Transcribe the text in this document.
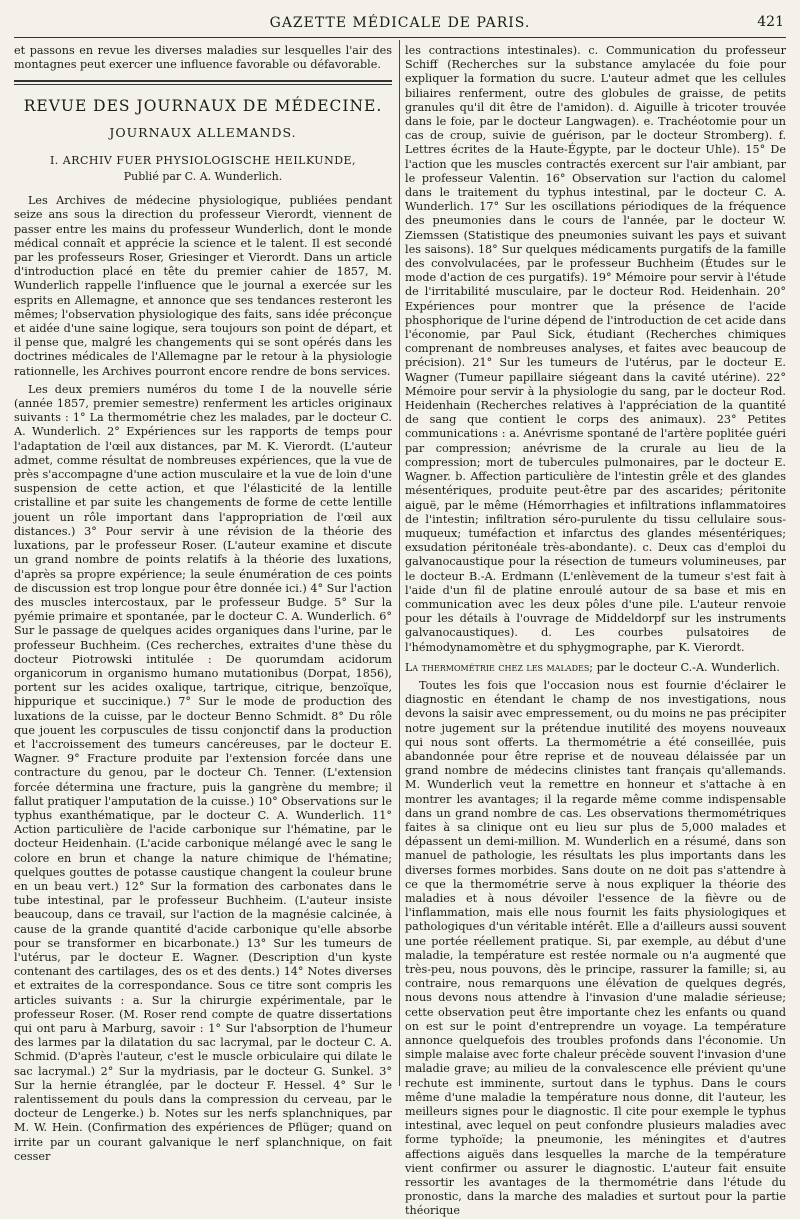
GAZETTE MÉDICALE DE PARIS.	421

et passons en revue les diverses maladies sur lesquelles l'air des montagnes peut exercer une influence favorable ou défavorable.

REVUE DES JOURNAUX DE MÉDECINE.
JOURNAUX ALLEMANDS.
I. ARCHIV FUER PHYSIOLOGISCHE HEILKUNDE,
Publié par C. A. Wunderlich.

Les Archives de médecine physiologique, publiées pendant seize ans sous la direction du professeur Vierordt, viennent de passer entre les mains du professeur Wunderlich, dont le monde médical connaît et apprécie la science et le talent. Il est secondé par les professeurs Roser, Griesinger et Vierordt. Dans un article d'introduction placé en tête du premier cahier de 1857, M. Wunderlich rappelle l'influence que le journal a exercée sur les esprits en Allemagne, et annonce que ses tendances resteront les mêmes; l'observation physiologique des faits, sans idée préconçue et aidée d'une saine logique, sera toujours son point de départ, et il pense que, malgré les changements qui se sont opérés dans les doctrines médicales de l'Allemagne par le retour à la physiologie rationnelle, les Archives pourront encore rendre de bons services.

Les deux premiers numéros du tome I de la nouvelle série (année 1857, premier semestre) renferment les articles originaux suivants : 1° La thermométrie chez les malades, par le docteur C. A. Wunderlich. 2° Expériences sur les rapports de temps pour l'adaptation de l'œil aux distances, par M. K. Vierordt. (L'auteur admet, comme résultat de nombreuses expériences, que la vue de près s'accompagne d'une action musculaire et la vue de loin d'une suspension de cette action, et que l'élasticité de la lentille cristalline et par suite les changements de forme de cette lentille jouent un rôle important dans l'appropriation de l'œil aux distances.) 3° Pour servir à une révision de la théorie des luxations, par le professeur Roser. (L'auteur examine et discute un grand nombre de points relatifs à la théorie des luxations, d'après sa propre expérience; la seule énumération de ces points de discussion est trop longue pour être donnée ici.) 4° Sur l'action des muscles intercostaux, par le professeur Budge. 5° Sur la pyémie primaire et spontanée, par le docteur C. A. Wunderlich. 6° Sur le passage de quelques acides organiques dans l'urine, par le professeur Buchheim. (Ces recherches, extraites d'une thèse du docteur Piotrowski intitulée : De quorumdam acidorum organicorum in organismo humano mutationibus (Dorpat, 1856), portent sur les acides oxalique, tartrique, citrique, benzoïque, hippurique et succinique.) 7° Sur le mode de production des luxations de la cuisse, par le docteur Benno Schmidt. 8° Du rôle que jouent les corpuscules de tissu conjonctif dans la production et l'accroissement des tumeurs cancéreuses, par le docteur E. Wagner. 9° Fracture produite par l'extension forcée dans une contracture du genou, par le docteur Ch. Tenner. (L'extension forcée détermina une fracture, puis la gangrène du membre; il fallut pratiquer l'amputation de la cuisse.) 10° Observations sur le typhus exanthématique, par le docteur C. A. Wunderlich. 11° Action particulière de l'acide carbonique sur l'hématine, par le docteur Heidenhain. (L'acide carbonique mélangé avec le sang le colore en brun et change la nature chimique de l'hématine; quelques gouttes de potasse caustique changent la couleur brune en un beau vert.) 12° Sur la formation des carbonates dans le tube intestinal, par le professeur Buchheim. (L'auteur insiste beaucoup, dans ce travail, sur l'action de la magnésie calcinée, à cause de la grande quantité d'acide carbonique qu'elle absorbe pour se transformer en bicarbonate.) 13° Sur les tumeurs de l'utérus, par le docteur E. Wagner. (Description d'un kyste contenant des cartilages, des os et des dents.) 14° Notes diverses et extraites de la correspondance. Sous ce titre sont compris les articles suivants : a. Sur la chirurgie expérimentale, par le professeur Roser. (M. Roser rend compte de quatre dissertations qui ont paru à Marburg, savoir : 1° Sur l'absorption de l'humeur des larmes par la dilatation du sac lacrymal, par le docteur C. A. Schmid. (D'après l'auteur, c'est le muscle orbiculaire qui dilate le sac lacrymal.) 2° Sur la mydriasis, par le docteur G. Sunkel. 3° Sur la hernie étranglée, par le docteur F. Hessel. 4° Sur le ralentissement du pouls dans la compression du cerveau, par le docteur de Lengerke.) b. Notes sur les nerfs splanchniques, par M. W. Hein. (Confirmation des expériences de Pflüger; quand on irrite par un courant galvanique le nerf splanchnique, on fait cesser

les contractions intestinales). c. Communication du professeur Schiff (Recherches sur la substance amylacée du foie pour expliquer la formation du sucre. L'auteur admet que les cellules biliaires renferment, outre des globules de graisse, de petits granules qu'il dit être de l'amidon). d. Aiguille à tricoter trouvée dans le foie, par le docteur Langwagen). e. Trachéotomie pour un cas de croup, suivie de guérison, par le docteur Stromberg). f. Lettres écrites de la Haute-Égypte, par le docteur Uhle). 15° De l'action que les muscles contractés exercent sur l'air ambiant, par le professeur Valentin. 16° Observation sur l'action du calomel dans le traitement du typhus intestinal, par le docteur C. A. Wunderlich. 17° Sur les oscillations périodiques de la fréquence des pneumonies dans le cours de l'année, par le docteur W. Ziemssen (Statistique des pneumonies suivant les pays et suivant les saisons). 18° Sur quelques médicaments purgatifs de la famille des convolvulacées, par le professeur Buchheim (Études sur le mode d'action de ces purgatifs). 19° Mémoire pour servir à l'étude de l'irritabilité musculaire, par le docteur Rod. Heidenhain. 20° Expériences pour montrer que la présence de l'acide phosphorique de l'urine dépend de l'introduction de cet acide dans l'économie, par Paul Sick, étudiant (Recherches chimiques comprenant de nombreuses analyses, et faites avec beaucoup de précision). 21° Sur les tumeurs de l'utérus, par le docteur E. Wagner (Tumeur papillaire siégeant dans la cavité utérine). 22° Mémoire pour servir à la physiologie du sang, par le docteur Rod. Heidenhain (Recherches relatives à l'appréciation de la quantité de sang que contient le corps des animaux). 23° Petites communications : a. Anévrisme spontané de l'artère poplitée guéri par compression; anévrisme de la crurale au lieu de la compression; mort de tubercules pulmonaires, par le docteur E. Wagner. b. Affection particulière de l'intestin grêle et des glandes mésentériques, produite peut-être par des ascarides; péritonite aiguë, par le même (Hémorrhagies et infiltrations inflammatoires de l'intestin; infiltration séro-purulente du tissu cellulaire sous-muqueux; tuméfaction et infarctus des glandes mésentériques; exsudation péritonéale très-abondante). c. Deux cas d'emploi du galvanocaustique pour la résection de tumeurs volumineuses, par le docteur B.-A. Erdmann (L'enlèvement de la tumeur s'est fait à l'aide d'un fil de platine enroulé autour de sa base et mis en communication avec les deux pôles d'une pile. L'auteur renvoie pour les détails à l'ouvrage de Middeldorpf sur les instruments galvanocaustiques). d. Les courbes pulsatoires de l'hémodynamomètre et du sphygmographe, par K. Vierordt.

La thermométrie chez les malades; par le docteur C.-A. Wunderlich.

Toutes les fois que l'occasion nous est fournie d'éclairer le diagnostic en étendant le champ de nos investigations, nous devons la saisir avec empressement, ou du moins ne pas précipiter notre jugement sur la prétendue inutilité des moyens nouveaux qui nous sont offerts. La thermométrie a été conseillée, puis abandonnée pour être reprise et de nouveau délaissée par un grand nombre de médecins clinistes tant français qu'allemands. M. Wunderlich veut la remettre en honneur et s'attache à en montrer les avantages; il la regarde même comme indispensable dans un grand nombre de cas. Les observations thermométriques faites à sa clinique ont eu lieu sur plus de 5,000 malades et dépassent un demi-million. M. Wunderlich en a résumé, dans son manuel de pathologie, les résultats les plus importants dans les diverses formes morbides. Sans doute on ne doit pas s'attendre à ce que la thermométrie serve à nous expliquer la théorie des maladies et à nous dévoiler l'essence de la fièvre ou de l'inflammation, mais elle nous fournit les faits physiologiques et pathologiques d'un véritable intérêt. Elle a d'ailleurs aussi souvent une portée réellement pratique. Si, par exemple, au début d'une maladie, la température est restée normale ou n'a augmenté que très-peu, nous pouvons, dès le principe, rassurer la famille; si, au contraire, nous remarquons une élévation de quelques degrés, nous devons nous attendre à l'invasion d'une maladie sérieuse; cette observation peut être importante chez les enfants ou quand on est sur le point d'entreprendre un voyage. La température annonce quelquefois des troubles profonds dans l'économie. Un simple malaise avec forte chaleur précède souvent l'invasion d'une maladie grave; au milieu de la convalescence elle prévient qu'une rechute est imminente, surtout dans le typhus. Dans le cours même d'une maladie la température nous donne, dit l'auteur, les meilleurs signes pour le diagnostic. Il cite pour exemple le typhus intestinal, avec lequel on peut confondre plusieurs maladies avec forme typhoïde; la pneumonie, les méningites et d'autres affections aiguës dans lesquelles la marche de la température vient confirmer ou assurer le diagnostic. L'auteur fait ensuite ressortir les avantages de la thermométrie dans l'étude du pronostic, dans la marche des maladies et surtout pour la partie théorique
